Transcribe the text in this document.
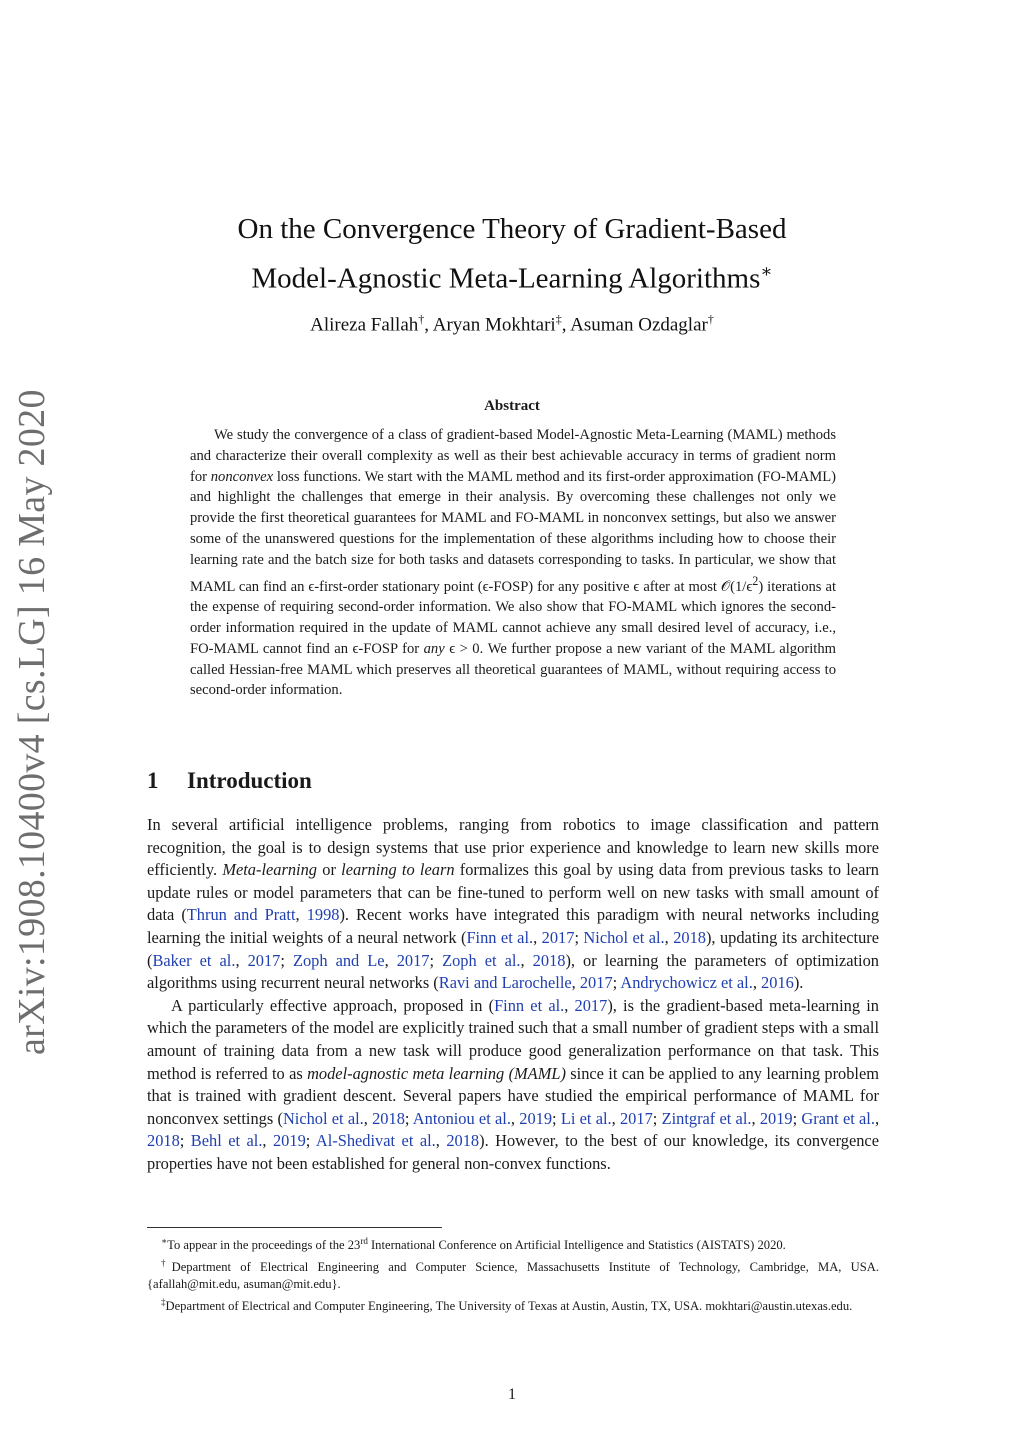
arXiv:1908.10400v4 [cs.LG] 16 May 2020
On the Convergence Theory of Gradient-Based
Model-Agnostic Meta-Learning Algorithms∗
Alireza Fallah†, Aryan Mokhtari‡, Asuman Ozdaglar†
Abstract
We study the convergence of a class of gradient-based Model-Agnostic Meta-Learning (MAML) methods and characterize their overall complexity as well as their best achievable accuracy in terms of gradient norm for nonconvex loss functions. We start with the MAML method and its first-order approximation (FO-MAML) and highlight the challenges that emerge in their analysis. By overcoming these challenges not only we provide the first theoretical guarantees for MAML and FO-MAML in nonconvex settings, but also we answer some of the unanswered questions for the implementation of these algorithms including how to choose their learning rate and the batch size for both tasks and datasets corresponding to tasks. In particular, we show that MAML can find an ϵ-first-order stationary point (ϵ-FOSP) for any positive ϵ after at most $𝒪(1/\epsilon^2)$ iterations at the expense of requiring second-order information. We also show that FO-MAML which ignores the second-order information required in the update of MAML cannot achieve any small desired level of accuracy, i.e., FO-MAML cannot find an ϵ-FOSP for any ϵ > 0. We further propose a new variant of the MAML algorithm called Hessian-free MAML which preserves all theoretical guarantees of MAML, without requiring access to second-order information.
1 Introduction

In several artificial intelligence problems, ranging from robotics to image classification and pattern recognition, the goal is to design systems that use prior experience and knowledge to learn new skills more efficiently. Meta-learning or learning to learn formalizes this goal by using data from previous tasks to learn update rules or model parameters that can be fine-tuned to perform well on new tasks with small amount of data (Thrun and Pratt, 1998). Recent works have integrated this paradigm with neural networks including learning the initial weights of a neural network (Finn et al., 2017; Nichol et al., 2018), updating its architecture (Baker et al., 2017; Zoph and Le, 2017; Zoph et al., 2018), or learning the parameters of optimization algorithms using recurrent neural networks (Ravi and Larochelle, 2017; Andrychowicz et al., 2016).

A particularly effective approach, proposed in (Finn et al., 2017), is the gradient-based meta-learning in which the parameters of the model are explicitly trained such that a small number of gradient steps with a small amount of training data from a new task will produce good generalization performance on that task. This method is referred to as model-agnostic meta learning (MAML) since it can be applied to any learning problem that is trained with gradient descent. Several papers have studied the empirical performance of MAML for nonconvex settings (Nichol et al., 2018; Antoniou et al., 2019; Li et al., 2017; Zintgraf et al., 2019; Grant et al., 2018; Behl et al., 2019; Al-Shedivat et al., 2018). However, to the best of our knowledge, its convergence properties have not been established for general non-convex functions.

∗To appear in the proceedings of the 23rd International Conference on Artificial Intelligence and Statistics (AISTATS) 2020.

†Department of Electrical Engineering and Computer Science, Massachusetts Institute of Technology, Cambridge, MA, USA. {afallah@mit.edu, asuman@mit.edu}.

‡Department of Electrical and Computer Engineering, The University of Texas at Austin, Austin, TX, USA. mokhtari@austin.utexas.edu.

1
